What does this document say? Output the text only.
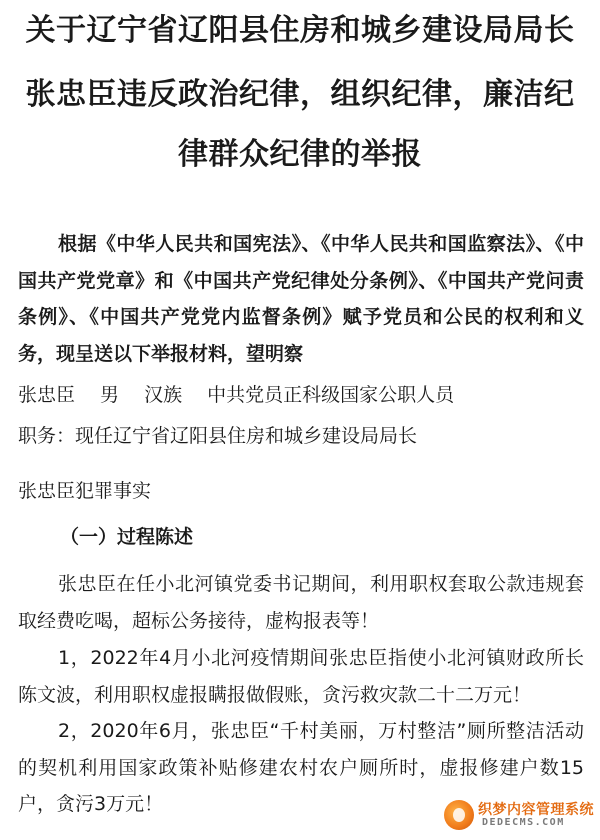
关于辽宁省辽阳县住房和城乡建设局局长
张忠臣违反政治纪律，组织纪律，廉洁纪
律群众纪律的举报

根据《中华人民共和国宪法》、《中华人民共和国监察法》、《中国共产党党章》和《中国共产党纪律处分条例》、《中国共产党问责条例》、《中国共产党党内监督条例》赋予党员和公民的权利和义务，现呈送以下举报材料，望明察

张忠臣　 男　 汉族　 中共党员正科级国家公职人员

职务：现任辽宁省辽阳县住房和城乡建设局局长

张忠臣犯罪事实

（一）过程陈述

张忠臣在任小北河镇党委书记期间，利用职权套取公款违规套取经费吃喝，超标公务接待，虚构报表等！

1，2022年4月小北河疫情期间张忠臣指使小北河镇财政所长陈文波，利用职权虚报瞒报做假账，贪污救灾款二十二万元！

2，2020年6月，张忠臣“千村美丽，万村整洁”厕所整洁活动的契机利用国家政策补贴修建农村农户厕所时，虚报修建户数15户，贪污3万元！	织梦内容管理系统
DEDECMS.COM
